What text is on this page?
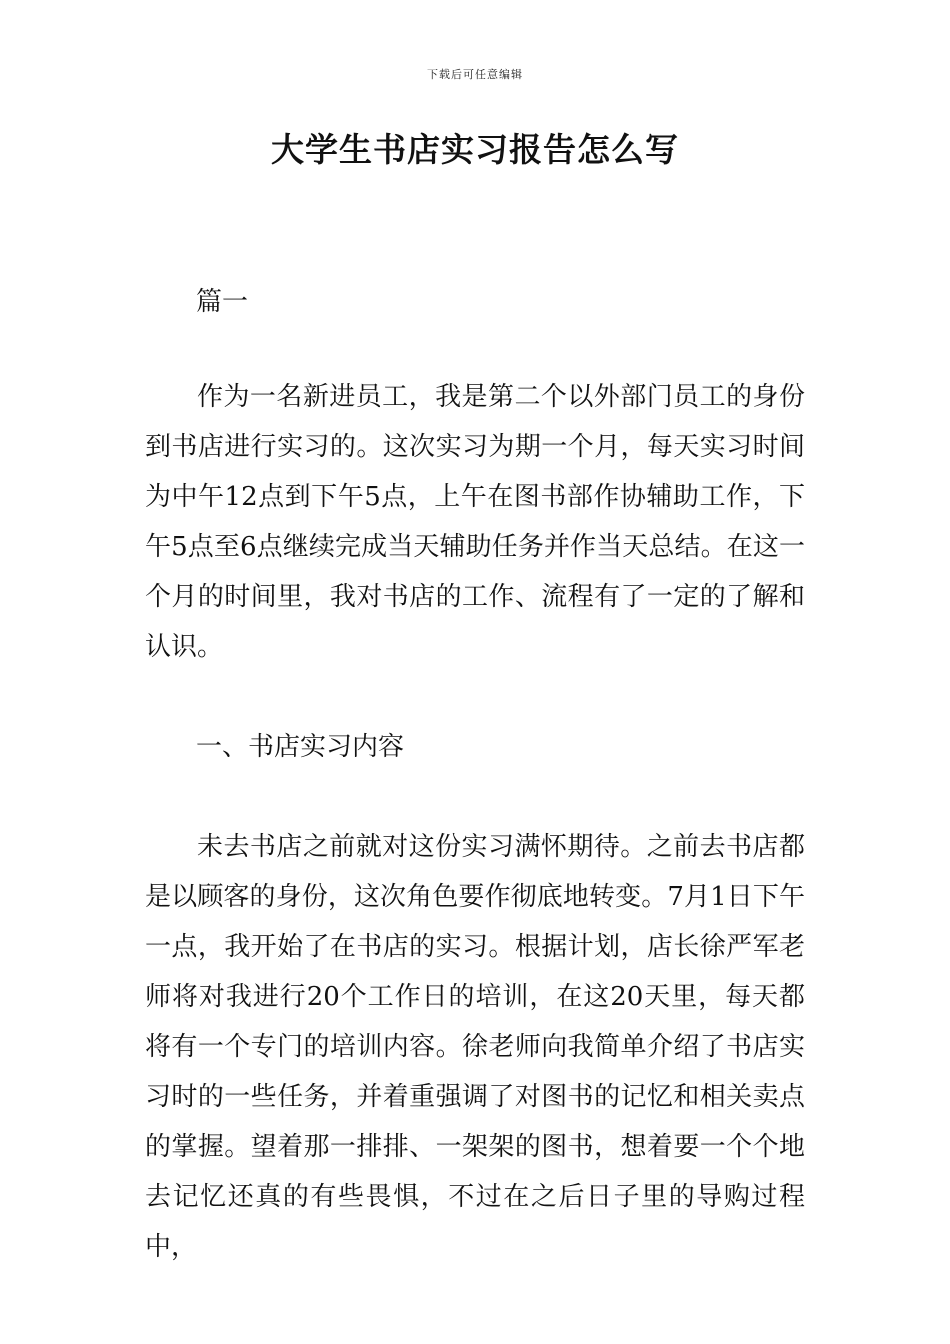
下载后可任意编辑
大学生书店实习报告怎么写

篇一

作为一名新进员工，我是第二个以外部门员工的身份到书店进行实习的。这次实习为期一个月，每天实习时间为中午12点到下午5点，上午在图书部作协辅助工作，下午5点至6点继续完成当天辅助任务并作当天总结。在这一个月的时间里，我对书店的工作、流程有了一定的了解和认识。

一、书店实习内容

未去书店之前就对这份实习满怀期待。之前去书店都是以顾客的身份，这次角色要作彻底地转变。7月1日下午一点，我开始了在书店的实习。根据计划，店长徐严军老师将对我进行20个工作日的培训，在这20天里，每天都将有一个专门的培训内容。徐老师向我简单介绍了书店实习时的一些任务，并着重强调了对图书的记忆和相关卖点的掌握。望着那一排排、一架架的图书，想着要一个个地去记忆还真的有些畏惧，不过在之后日子里的导购过程中，
